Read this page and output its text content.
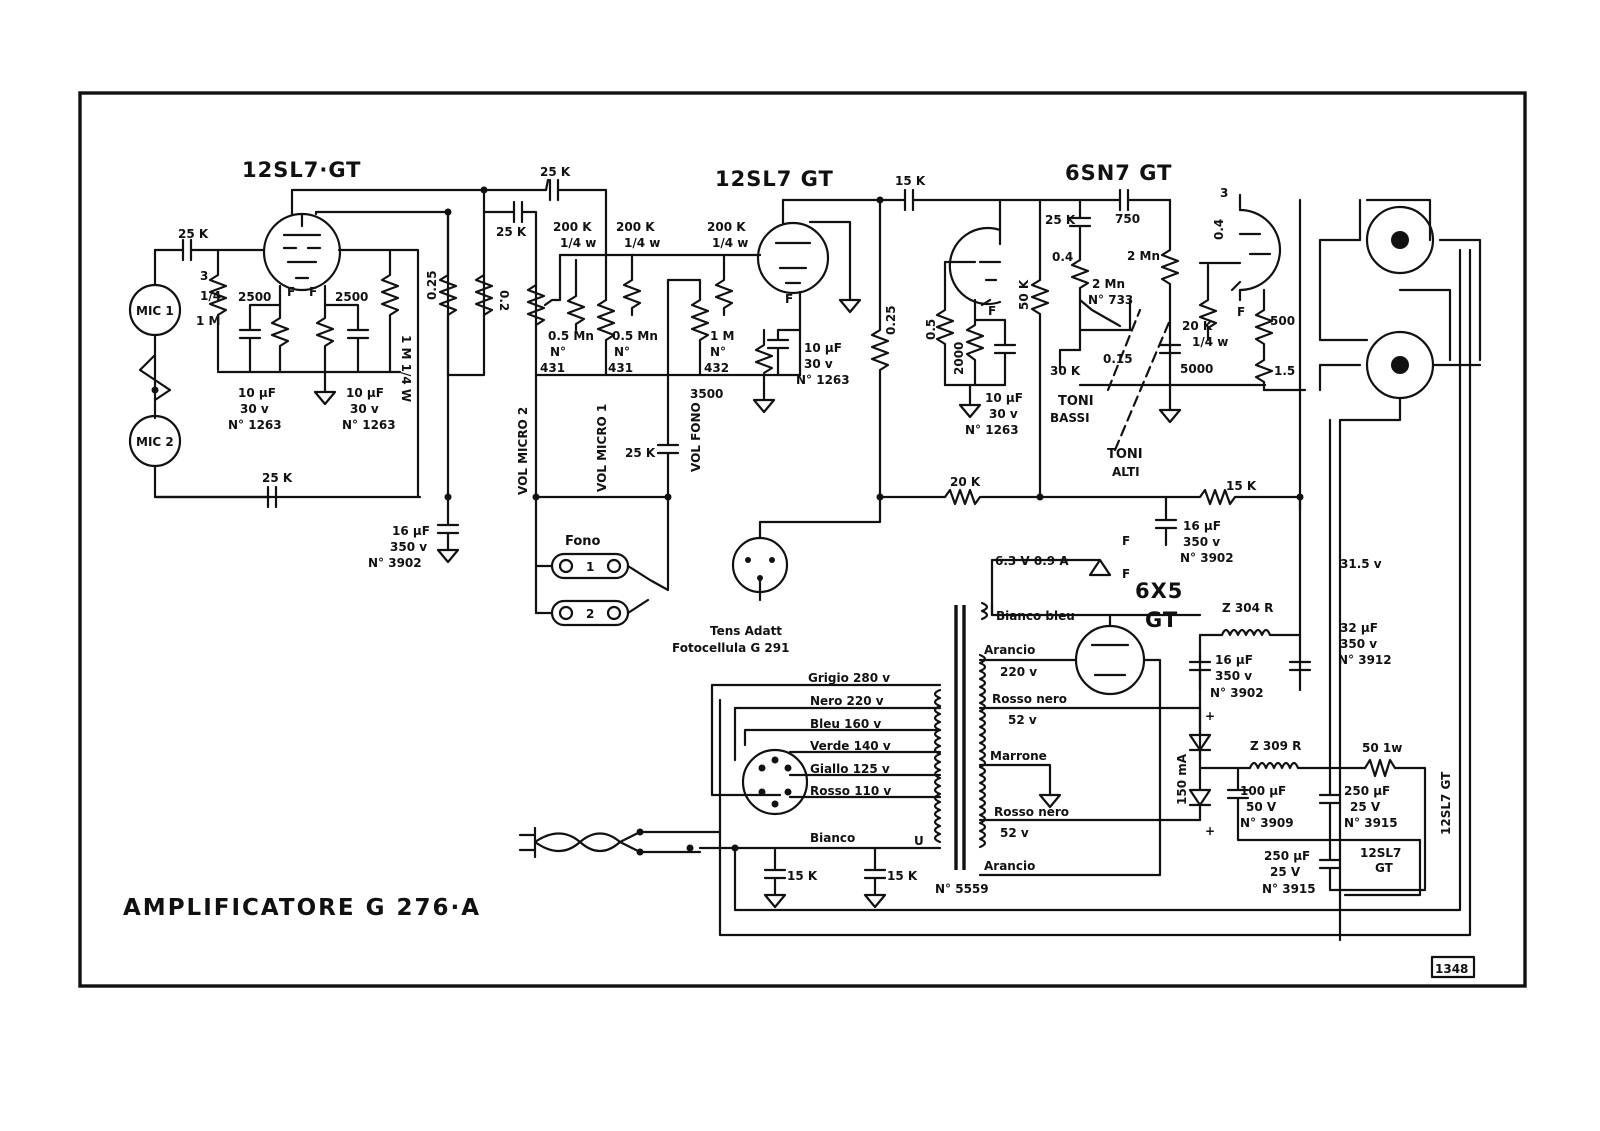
12SL7·GT
F F
MIC 1
MIC 2
25 K
3
1/4
1 M
2500	2500
10 µF
30 v
N° 1263
10 µF
30 v
N° 1263
1 M 1/4 W
25 K
0.25
0.2
16 µF
350 v
N° 3902
25 K
25 K
0.5 Mn
N°
431
VOL MICRO 2
200 K
1/4 w
200 K
1/4 w
0.5 Mn
N°
431
VOL MICRO 1
200 K
1/4 w
1 M
N°
432
VOL FONO
3500
25 K
Fono
1
2
Tens Adatt
Fotocellula G 291
12SL7 GT
F
10 µF
30 v
N° 1263
15 K
0.25
6SN7 GT
F
0.5
2000
10 µF
30 v
N° 1263
50 K
750
25 K
0.4
2 Mn
N° 733
30 K
0.15
2 Mn
20 K
1/4 w
5000
TONI
BASSI
TONI
ALTI
F
0.4
3
500
1.5
20 K	15 K
16 µF
350 v
N° 3902	31.5 v
6.3 V 0.9 A
F
F
6X5
GT	Z 304 R
16 µF
350 v
N° 3902
32 µF
350 v
N° 3912
Grigio 280 v
Nero 220 v
Bleu 160 v
Verde 140 v
Giallo 125 v
Rosso 110 v
Bianco	U
15 K	15 K
N° 5559
Bianco bleu
Arancio
220 v
Rosso nero
52 v
Marrone
Rosso nero
52 v
Arancio
150 mA
+
+
Z 309 R
100 µF
50 V
N° 3909
250 µF
25 V
N° 3915
250 µF
25 V
N° 3915
50 1w
12SL7
GT
12SL7 GT
AMPLIFICATORE G 276·A
1348
